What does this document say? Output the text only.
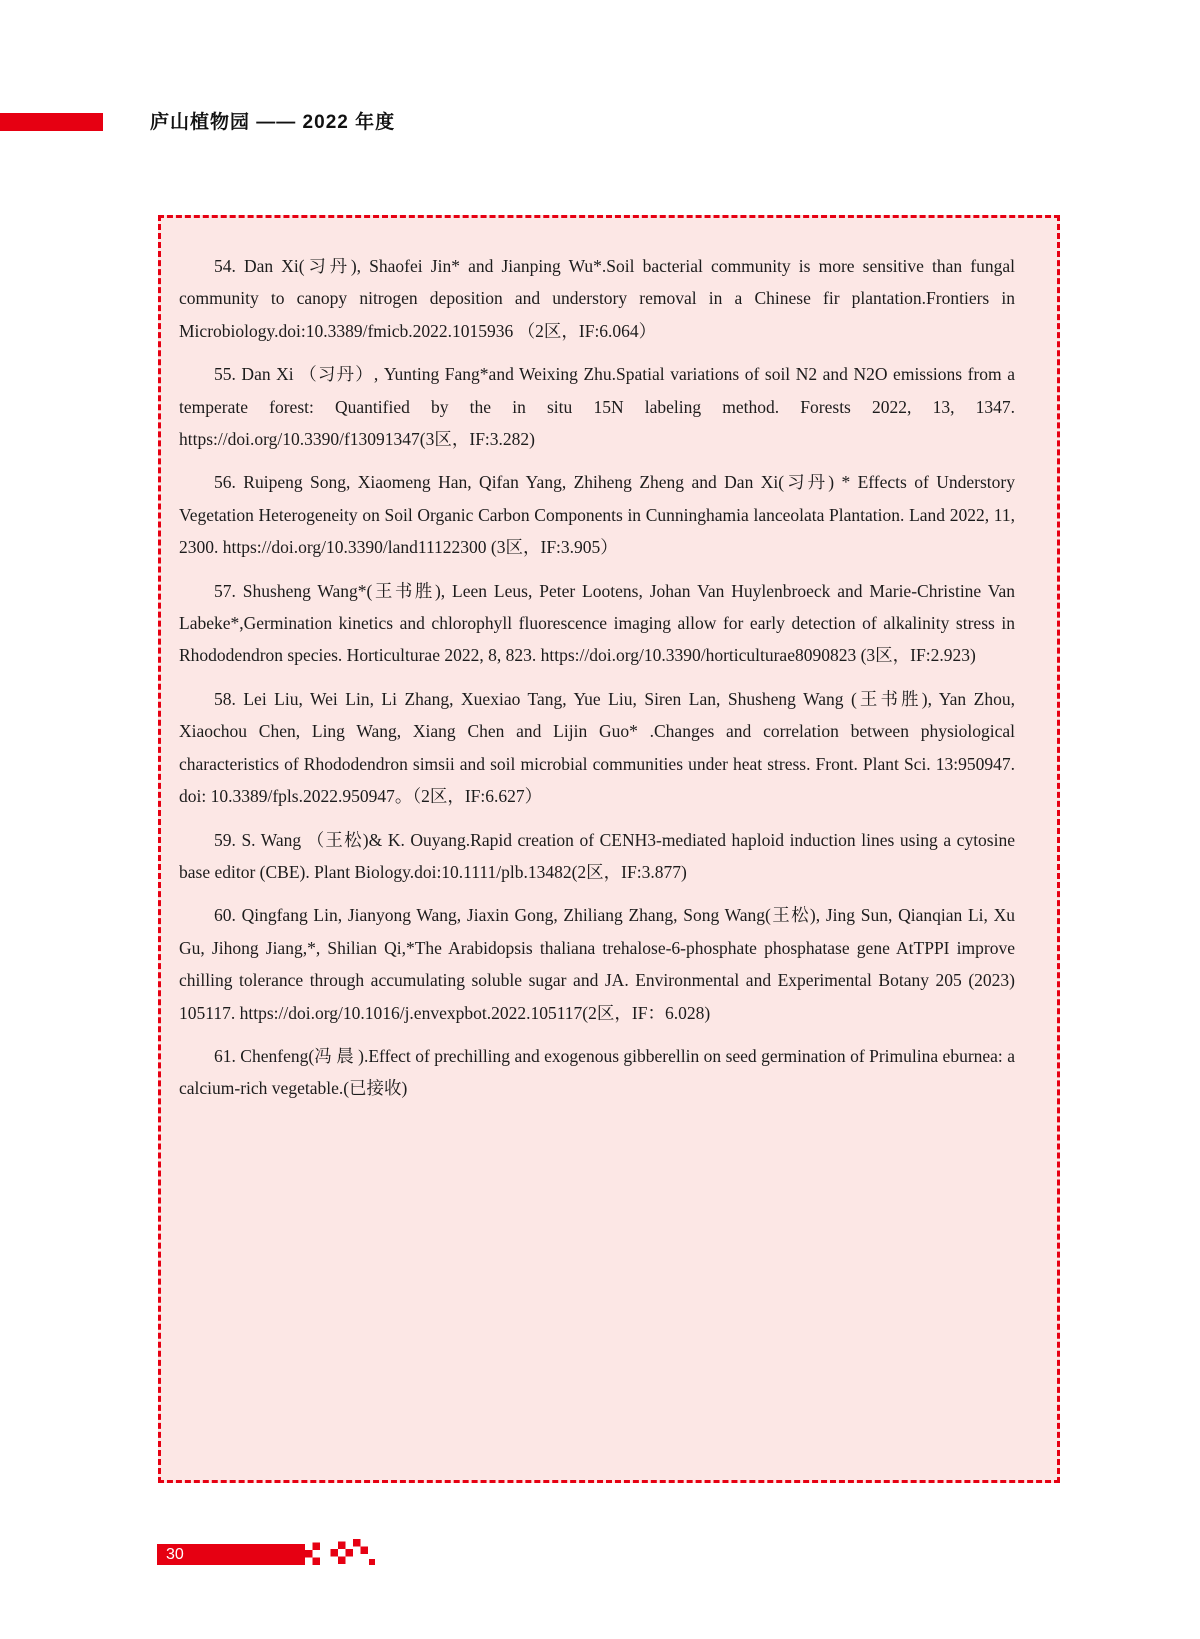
庐山植物园 —— 2022 年度

54. Dan Xi(习丹), Shaofei Jin* and Jianping Wu*.Soil bacterial community is more sensitive than fungal community to canopy nitrogen deposition and understory removal in a Chinese fir plantation.Frontiers in Microbiology.doi:10.3389/fmicb.2022.1015936 （2区，IF:6.064）

55. Dan Xi （习丹）, Yunting Fang*and Weixing Zhu.Spatial variations of soil N2 and N2O emissions from a temperate forest: Quantified by the in situ 15N labeling method. Forests 2022, 13, 1347. https://doi.org/10.3390/f13091347(3区，IF:3.282)

56. Ruipeng Song, Xiaomeng Han, Qifan Yang, Zhiheng Zheng and Dan Xi(习丹) * Effects of Understory Vegetation Heterogeneity on Soil Organic Carbon Components in Cunninghamia lanceolata Plantation. Land 2022, 11, 2300. https://doi.org/10.3390/land11122300 (3区，IF:3.905）

57. Shusheng Wang*(王书胜), Leen Leus, Peter Lootens, Johan Van Huylenbroeck and Marie-Christine Van Labeke*,Germination kinetics and chlorophyll fluorescence imaging allow for early detection of alkalinity stress in Rhododendron species. Horticulturae 2022, 8, 823. https://doi.org/10.3390/horticulturae8090823 (3区，IF:2.923)

58. Lei Liu, Wei Lin, Li Zhang, Xuexiao Tang, Yue Liu, Siren Lan, Shusheng Wang (王书胜), Yan Zhou, Xiaochou Chen, Ling Wang, Xiang Chen and Lijin Guo* .Changes and correlation between physiological characteristics of Rhododendron simsii and soil microbial communities under heat stress. Front. Plant Sci. 13:950947. doi: 10.3389/fpls.2022.950947。（2区，IF:6.627）

59. S. Wang （王松)& K. Ouyang.Rapid creation of CENH3-mediated haploid induction lines using a cytosine base editor (CBE). Plant Biology.doi:10.1111/plb.13482(2区，IF:3.877)

60. Qingfang Lin, Jianyong Wang, Jiaxin Gong, Zhiliang Zhang, Song Wang(王松), Jing Sun, Qianqian Li, Xu Gu, Jihong Jiang,*, Shilian Qi,*The Arabidopsis thaliana trehalose-6-phosphate phosphatase gene AtTPPI improve chilling tolerance through accumulating soluble sugar and JA. Environmental and Experimental Botany 205 (2023) 105117. https://doi.org/10.1016/j.envexpbot.2022.105117(2区，IF：6.028)

61. Chenfeng(冯 晨 ).Effect of prechilling and exogenous gibberellin on seed germination of Primulina eburnea: a calcium-rich vegetable.(已接收)

30
